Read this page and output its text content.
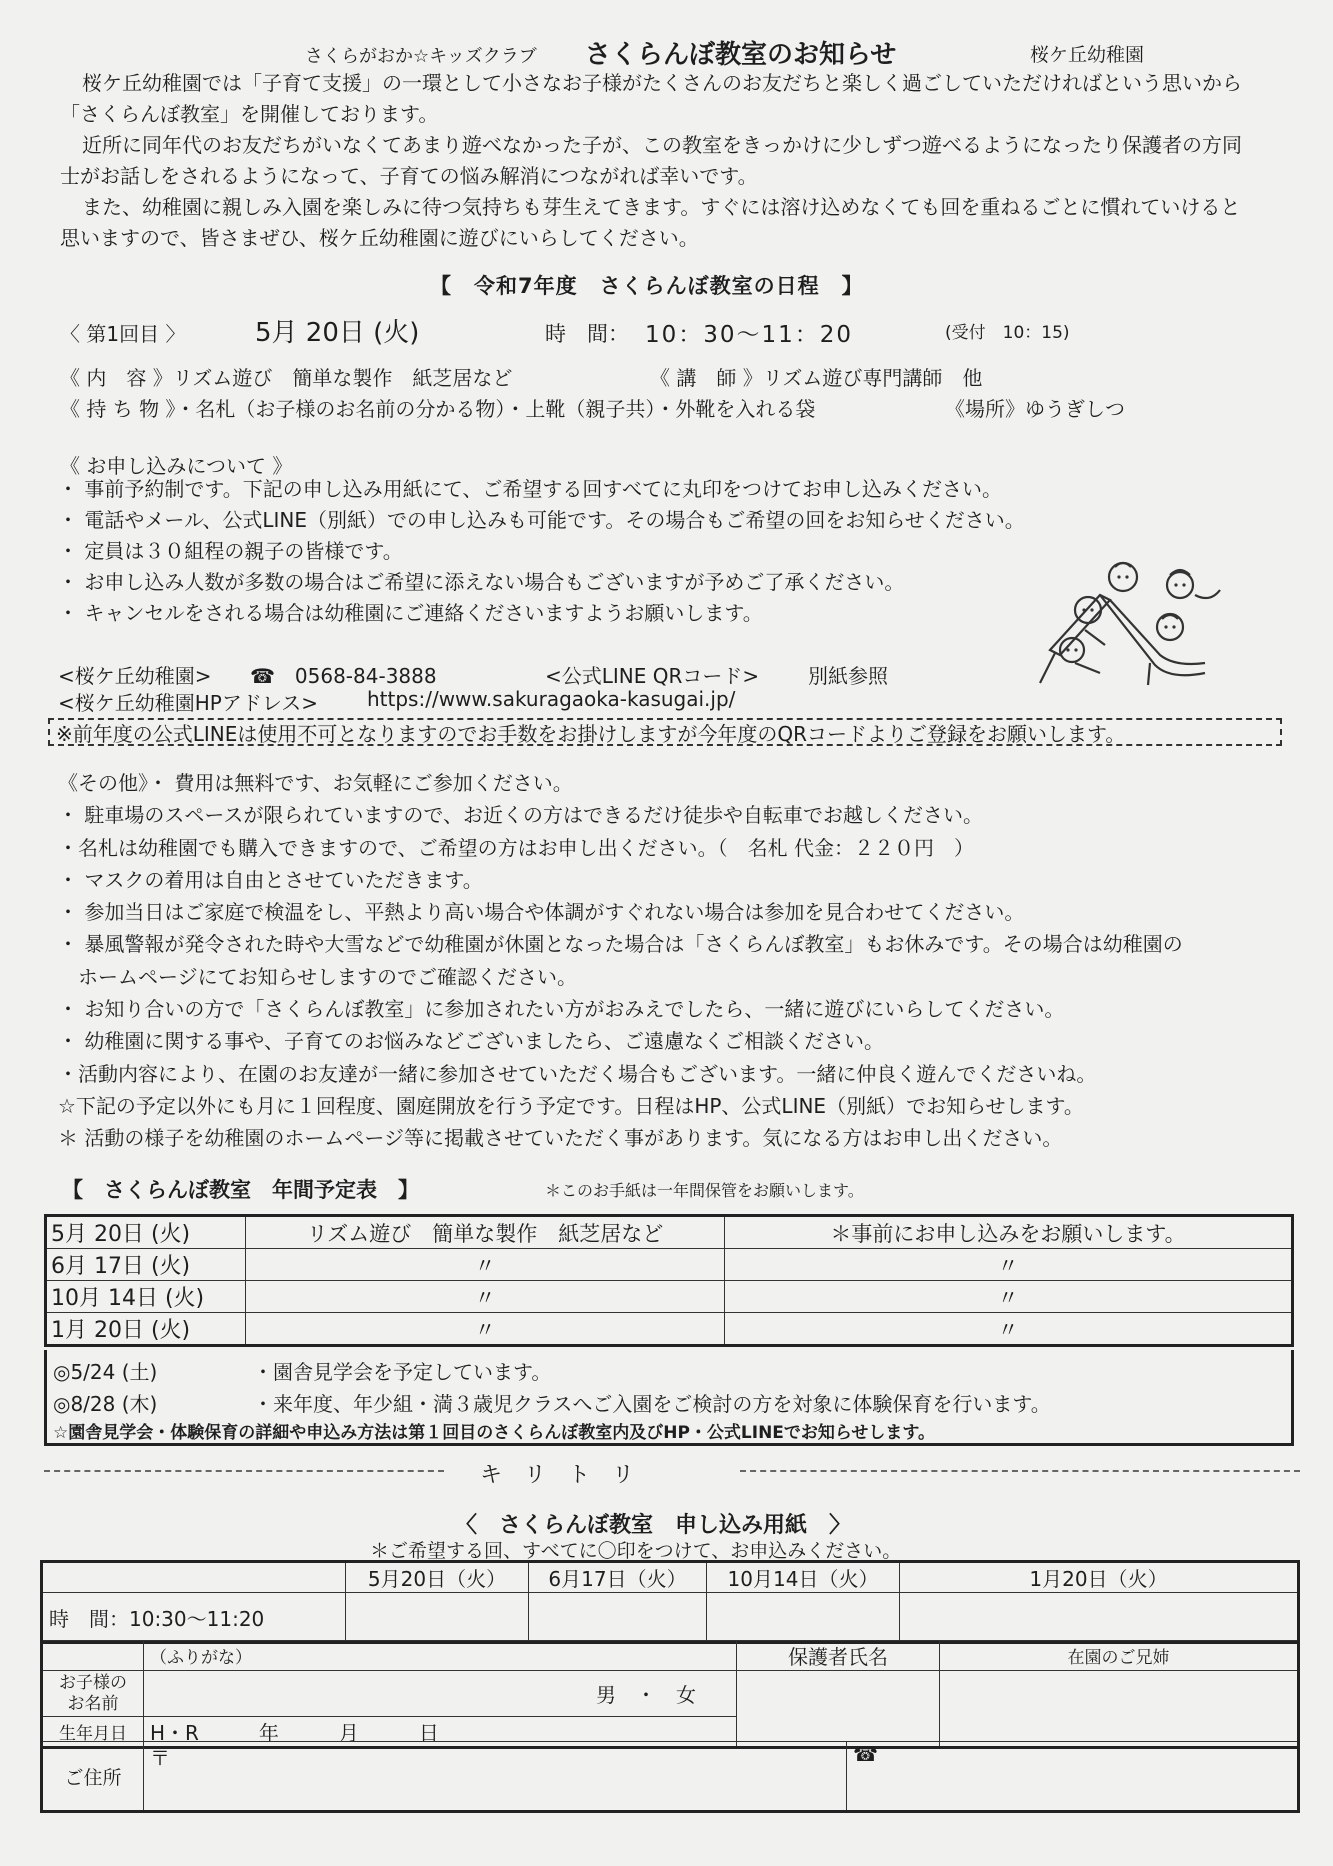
さくらがおか☆キッズクラブ さくらんぼ教室のお知らせ	桜ケ丘幼稚園
桜ケ丘幼稚園では「子育て支援」の一環として小さなお子様がたくさんのお友だちと楽しく過ごしていただければという思いから「さくらんぼ教室」を開催しております。
近所に同年代のお友だちがいなくてあまり遊べなかった子が、この教室をきっかけに少しずつ遊べるようになったり保護者の方同士がお話しをされるようになって、子育ての悩み解消につながれば幸いです。
また、幼稚園に親しみ入園を楽しみに待つ気持ちも芽生えてきます。すぐには溶け込めなくても回を重ねるごとに慣れていけると思いますので、皆さまぜひ、桜ケ丘幼稚園に遊びにいらしてください。
【　令和7年度　さくらんぼ教室の日程　】
〈 第1回目 〉	5月 20日 (火)	時　間： 10：30～11：20	(受付　10：15)
《 内　容 》リズム遊び　簡単な製作　紙芝居など	《 講　師 》リズム遊び専門講師　他
《 持 ち 物 》・名札（お子様のお名前の分かる物）・上靴（親子共）・外靴を入れる袋	《場所》ゆうぎしつ
《 お申し込みについて 》
・ 事前予約制です。下記の申し込み用紙にて、ご希望する回すべてに丸印をつけてお申し込みください。
・ 電話やメール、公式LINE（別紙）での申し込みも可能です。その場合もご希望の回をお知らせください。
・ 定員は３０組程の親子の皆様です。
・ お申し込み人数が多数の場合はご希望に添えない場合もございますが予めご了承ください。
・ キャンセルをされる場合は幼稚園にご連絡くださいますようお願いします。
<桜ケ丘幼稚園> ☎　0568-84-3888	<公式LINE QRコード> 別紙参照
<桜ケ丘幼稚園HPアドレス> https://www.sakuragaoka-kasugai.jp/
※前年度の公式LINEは使用不可となりますのでお手数をお掛けしますが今年度のQRコードよりご登録をお願いします。
《その他》・ 費用は無料です、お気軽にご参加ください。
・ 駐車場のスペースが限られていますので、お近くの方はできるだけ徒歩や自転車でお越しください。
・名札は幼稚園でも購入できますので、ご希望の方はお申し出ください。（　名札 代金：２２０円　）
・ マスクの着用は自由とさせていただきます。
・ 参加当日はご家庭で検温をし、平熱より高い場合や体調がすぐれない場合は参加を見合わせてください。
・ 暴風警報が発令された時や大雪などで幼稚園が休園となった場合は「さくらんぼ教室」もお休みです。その場合は幼稚園の
　ホームページにてお知らせしますのでご確認ください。
・ お知り合いの方で「さくらんぼ教室」に参加されたい方がおみえでしたら、一緒に遊びにいらしてください。
・ 幼稚園に関する事や、子育てのお悩みなどございましたら、ご遠慮なくご相談ください。
・活動内容により、在園のお友達が一緒に参加させていただく場合もございます。一緒に仲良く遊んでくださいね。
☆下記の予定以外にも月に１回程度、園庭開放を行う予定です。日程はHP、公式LINE（別紙）でお知らせします。
＊ 活動の様子を幼稚園のホームページ等に掲載させていただく事があります。気になる方はお申し出ください。
【　さくらんぼ教室　年間予定表　】	＊このお手紙は一年間保管をお願いします。
5月 20日 (火)	リズム遊び　簡単な製作　紙芝居など	＊事前にお申し込みをお願いします。
6月 17日 (火)	〃	〃
10月 14日 (火)	〃	〃
1月 20日 (火)	〃	〃
◎5/24 (土)	・園舎見学会を予定しています。
◎8/28 (木)	・来年度、年少組・満３歳児クラスへご入園をご検討の方を対象に体験保育を行います。
☆園舎見学会・体験保育の詳細や申込み方法は第１回目のさくらんぼ教室内及びHP・公式LINEでお知らせします。
キ　リ　ト　リ
〈　さくらんぼ教室　申し込み用紙　〉
＊ご希望する回、すべてに〇印をつけて、お申込みください。
	5月20日（火）	6月17日（火）	10月14日（火）	1月20日（火）
時　間：10:30～11:20				
	（ふりがな）	保護者氏名	在園のご兄姉
お子様の
お名前	男　・　女		
生年月日	H・R　　　年　　　月　　　日		
ご住所	〒	☎
